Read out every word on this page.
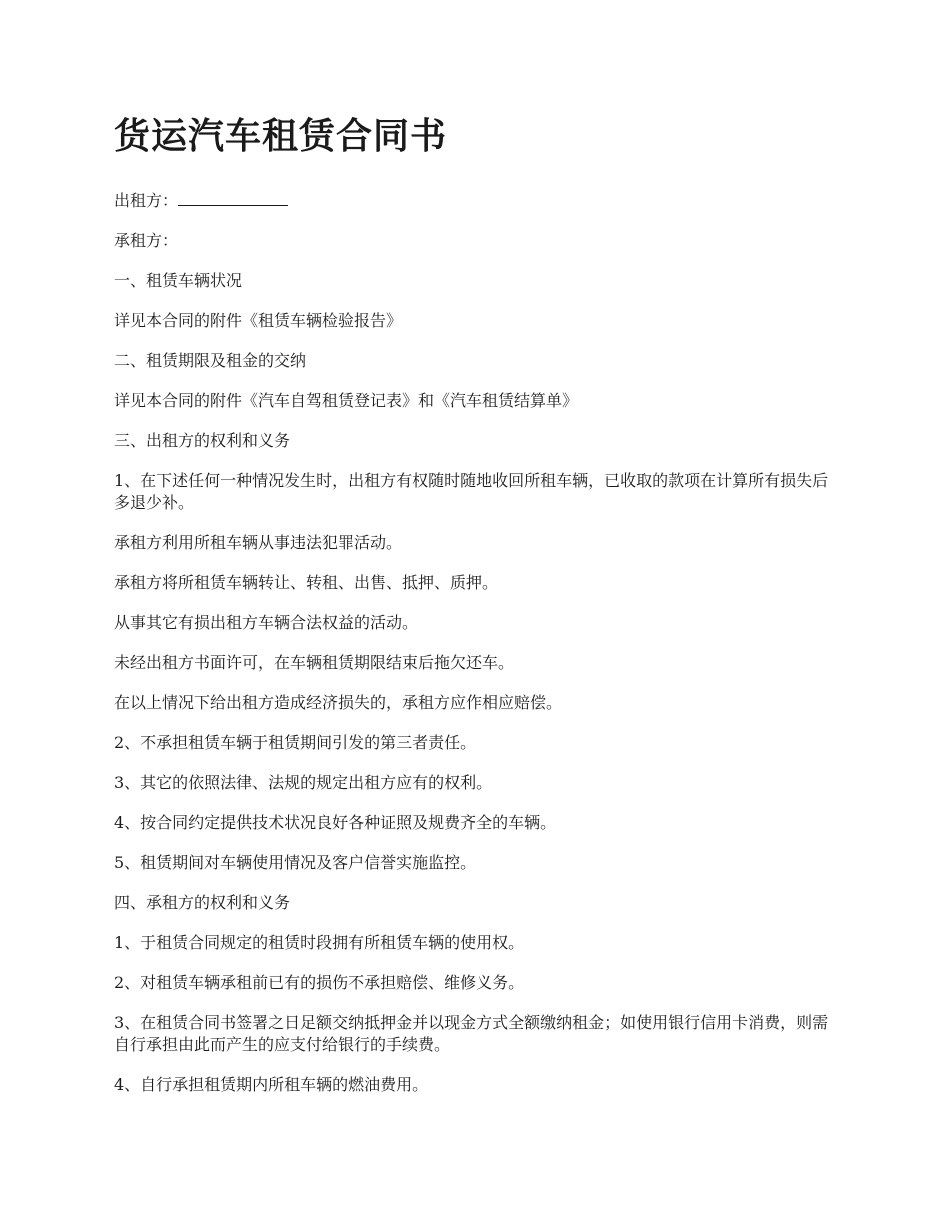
货运汽车租赁合同书

出租方：

承租方：

一、租赁车辆状况

详见本合同的附件《租赁车辆检验报告》

二、租赁期限及租金的交纳

详见本合同的附件《汽车自驾租赁登记表》和《汽车租赁结算单》

三、出租方的权利和义务

1、在下述任何一种情况发生时，出租方有权随时随地收回所租车辆，已收取的款项在计算所有损失后多退少补。

承租方利用所租车辆从事违法犯罪活动。

承租方将所租赁车辆转让、转租、出售、抵押、质押。

从事其它有损出租方车辆合法权益的活动。

未经出租方书面许可，在车辆租赁期限结束后拖欠还车。

在以上情况下给出租方造成经济损失的，承租方应作相应赔偿。

2、不承担租赁车辆于租赁期间引发的第三者责任。

3、其它的依照法律、法规的规定出租方应有的权利。

4、按合同约定提供技术状况良好各种证照及规费齐全的车辆。

5、租赁期间对车辆使用情况及客户信誉实施监控。

四、承租方的权利和义务

1、于租赁合同规定的租赁时段拥有所租赁车辆的使用权。

2、对租赁车辆承租前已有的损伤不承担赔偿、维修义务。

3、在租赁合同书签署之日足额交纳抵押金并以现金方式全额缴纳租金；如使用银行信用卡消费，则需自行承担由此而产生的应支付给银行的手续费。

4、自行承担租赁期内所租车辆的燃油费用。
